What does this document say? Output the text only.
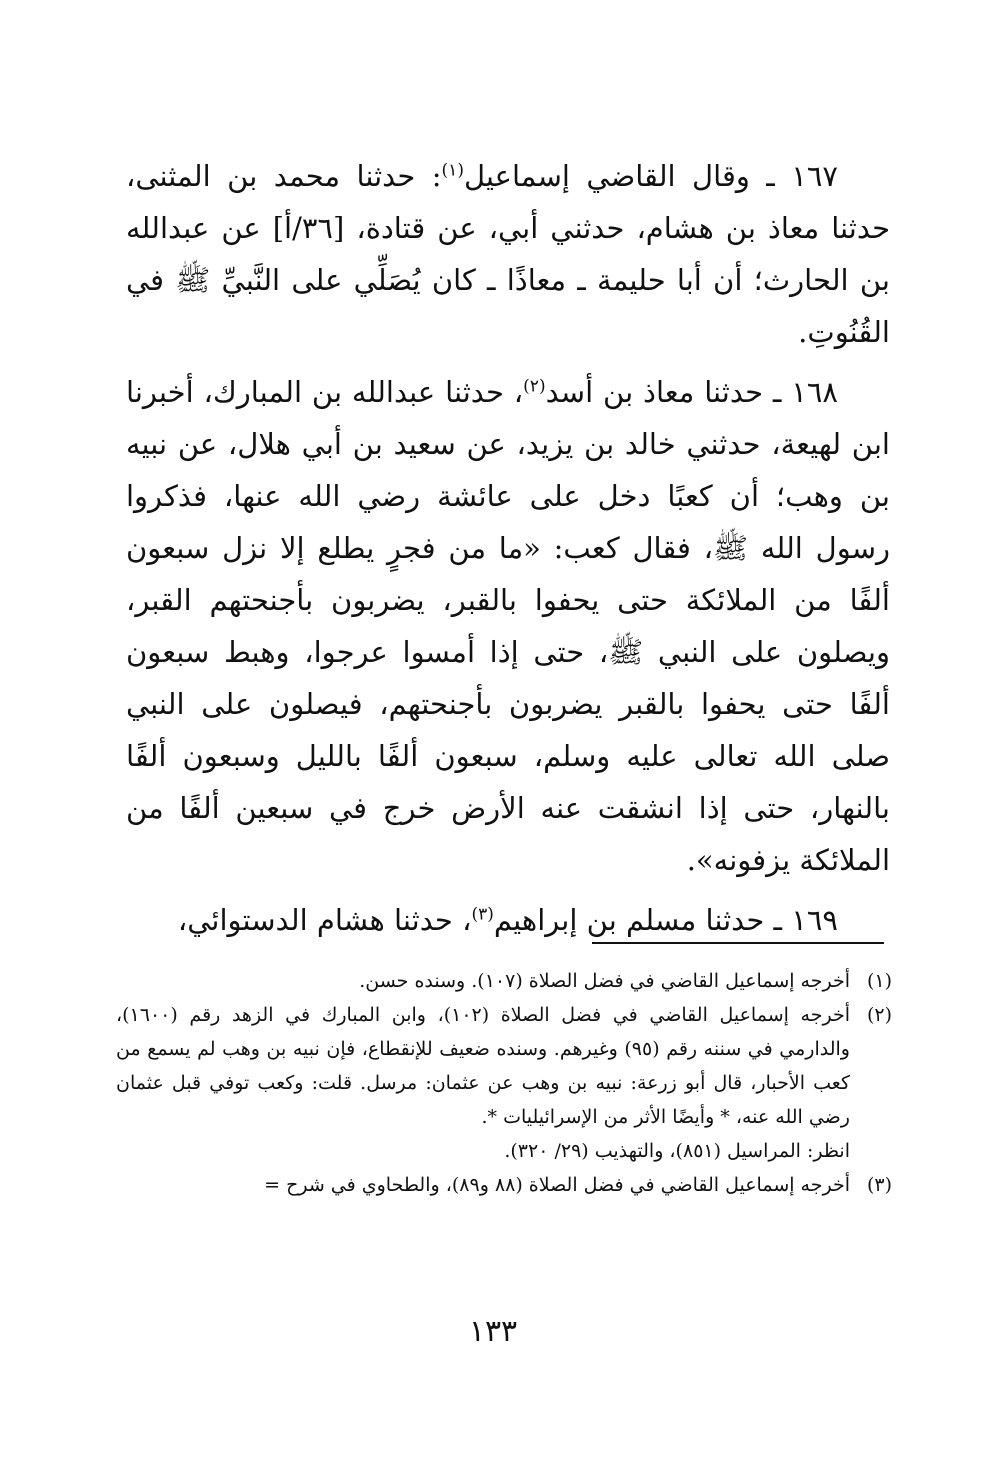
١٦٧ ـ وقال القاضي إسماعيل$^{(١)}$: حدثنا محمد بن المثنى، حدثنا معاذ بن هشام، حدثني أبي، عن قتادة، [٣٦/أ] عن عبدالله بن الحارث؛ أن أبا حليمة ـ معاذًا ـ كان يُصَلِّي على النَّبيِّ ﷺ في القُنُوتِ.

١٦٨ ـ حدثنا معاذ بن أسد$^{(٢)}$، حدثنا عبدالله بن المبارك، أخبرنا ابن لهيعة، حدثني خالد بن يزيد، عن سعيد بن أبي هلال، عن نبيه بن وهب؛ أن كعبًا دخل على عائشة رضي الله عنها، فذكروا رسول الله ﷺ، فقال كعب: «ما من فجرٍ يطلع إلا نزل سبعون ألفًا من الملائكة حتى يحفوا بالقبر، يضربون بأجنحتهم القبر، ويصلون على النبي ﷺ، حتى إذا أمسوا عرجوا، وهبط سبعون ألفًا حتى يحفوا بالقبر يضربون بأجنحتهم، فيصلون على النبي صلى الله تعالى عليه وسلم، سبعون ألفًا بالليل وسبعون ألفًا بالنهار، حتى إذا انشقت عنه الأرض خرج في سبعين ألفًا من الملائكة يزفونه».

١٦٩ ـ حدثنا مسلم بن إبراهيم$^{(٣)}$، حدثنا هشام الدستوائي،

(١)
أخرجه إسماعيل القاضي في فضل الصلاة (١٠٧). وسنده حسن.
(٢)
أخرجه إسماعيل القاضي في فضل الصلاة (١٠٢)، وابن المبارك في الزهد رقم (١٦٠٠)، والدارمي في سننه رقم (٩٥) وغيرهم. وسنده ضعيف للإنقطاع، فإن نبيه بن وهب لم يسمع من كعب الأحبار، قال أبو زرعة: نبيه بن وهب عن عثمان: مرسل. قلت: وكعب توفي قبل عثمان رضي الله عنه، * وأيضًا الأثر من الإسرائيليات *.
انظر: المراسيل (٨٥١)، والتهذيب (٢٩/ ٣٢٠).
(٣)
أخرجه إسماعيل القاضي في فضل الصلاة (٨٨ و٨٩)، والطحاوي في شرح =
١٣٣
